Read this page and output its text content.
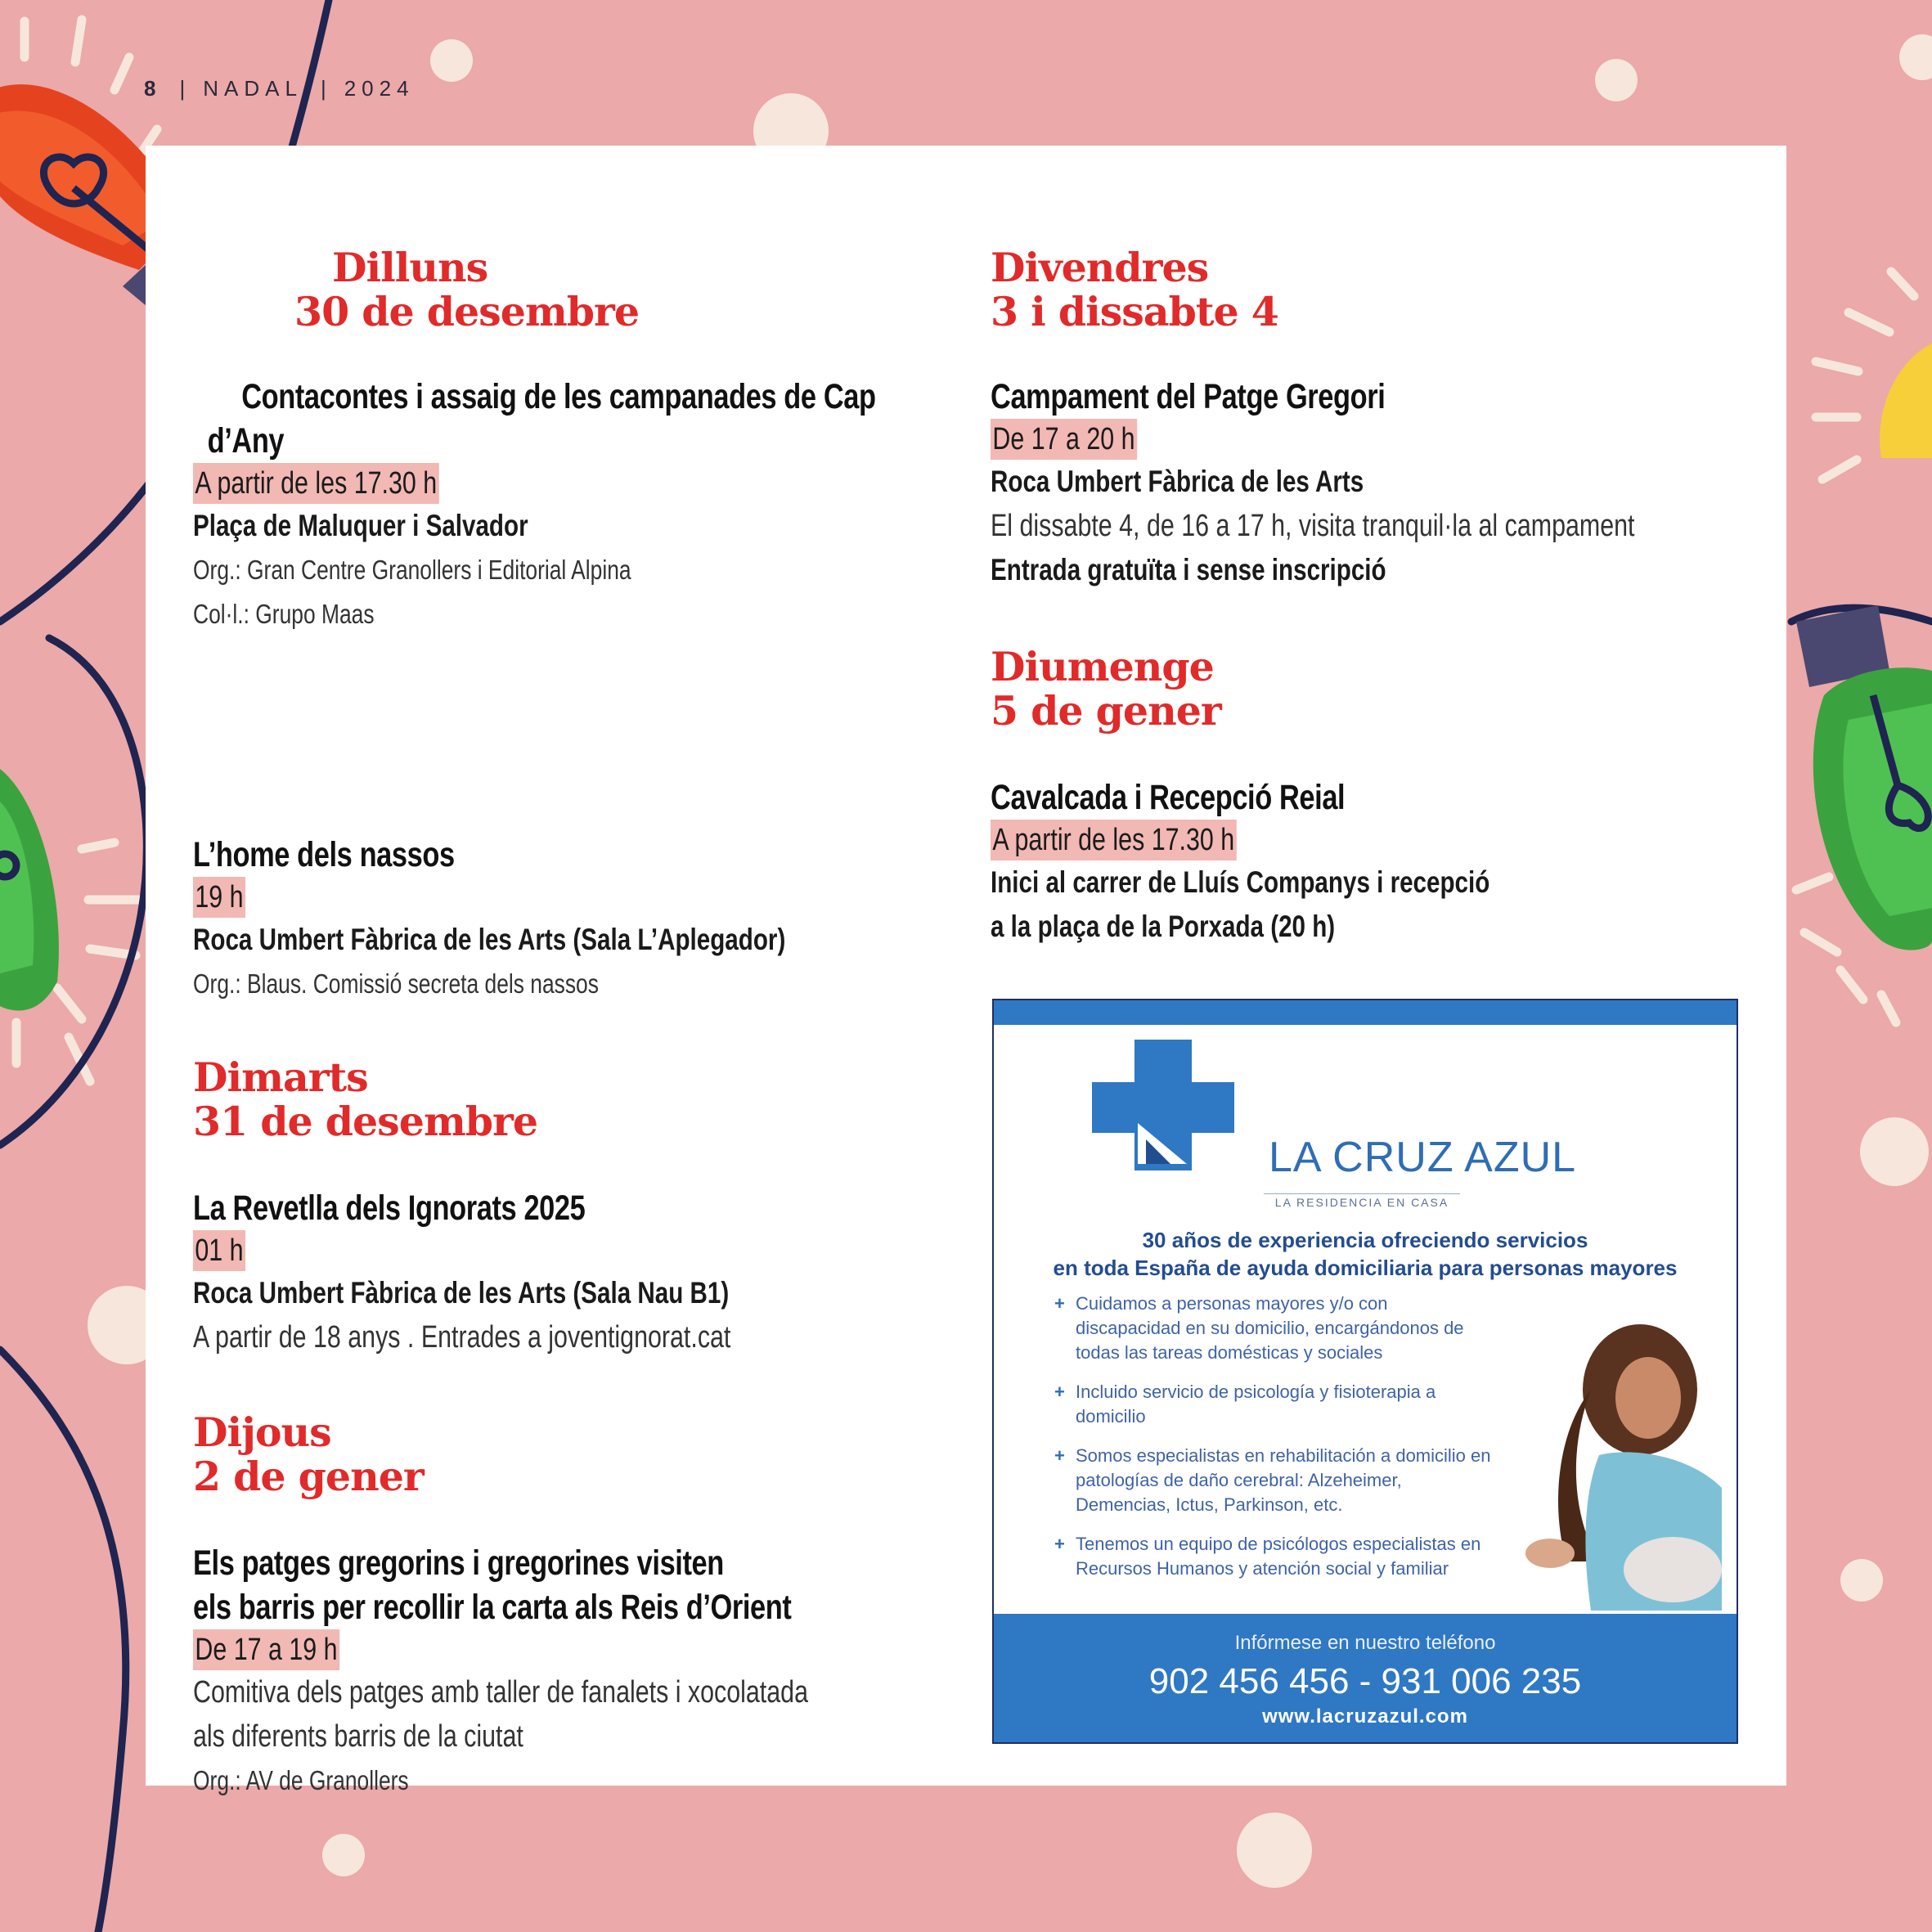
8 | NADAL | 2024
Dilluns
30 de desembre
Contacontes i assaig de les campanades de Cap
d’Any
A partir de les 17.30 h
Plaça de Maluquer i Salvador
Org.: Gran Centre Granollers i Editorial Alpina
Col·l.: Grupo Maas
L’home dels nassos
19 h
Roca Umbert Fàbrica de les Arts (Sala L’Aplegador)
Org.: Blaus. Comissió secreta dels nassos
Dimarts
31 de desembre
La Revetlla dels Ignorats 2025
01 h
Roca Umbert Fàbrica de les Arts (Sala Nau B1)
A partir de 18 anys . Entrades a joventignorat.cat
Dijous
2 de gener
Els patges gregorins i gregorines visiten
els barris per recollir la carta als Reis d’Orient
De 17 a 19 h
Comitiva dels patges amb taller de fanalets i xocolatada
als diferents barris de la ciutat
Org.: AV de Granollers
Divendres
3 i dissabte 4
Campament del Patge Gregori
De 17 a 20 h
Roca Umbert Fàbrica de les Arts
El dissabte 4, de 16 a 17 h, visita tranquil·la al campament
Entrada gratuïta i sense inscripció
Diumenge
5 de gener
Cavalcada i Recepció Reial
A partir de les 17.30 h
Inici al carrer de Lluís Companys i recepció
a la plaça de la Porxada (20 h)
LA CRUZ AZUL
LA RESIDENCIA EN CASA
30 años de experiencia ofreciendo servicios
en toda España de ayuda domiciliaria para personas mayores
+ Cuidamos a personas mayores y/o con discapacidad en su domicilio, encargándonos de todas las tareas domésticas y sociales
+ Incluido servicio de psicología y fisioterapia a domicilio
+ Somos especialistas en rehabilitación a domicilio en patologías de daño cerebral: Alzeheimer, Demencias, Ictus, Parkinson, etc.
+ Tenemos un equipo de psicólogos especialistas en Recursos Humanos y atención social y familiar
Infórmese en nuestro teléfono
902 456 456 - 931 006 235
www.lacruzazul.com
